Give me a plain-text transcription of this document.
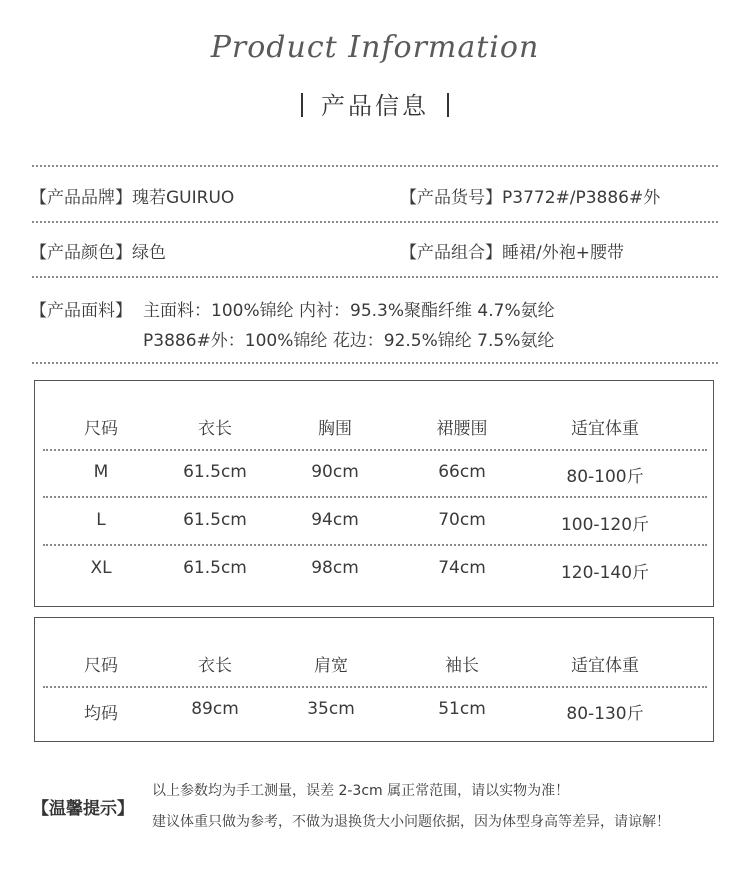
Product Information
产品信息
【产品品牌】瑰若GUIRUO	【产品货号】P3772#/P3886#外
【产品颜色】绿色	【产品组合】睡裙/外袍+腰带
【产品面料】 主面料：100%锦纶 内衬：95.3%聚酯纤维 4.7%氨纶
P3886#外：100%锦纶 花边：92.5%锦纶 7.5%氨纶
尺码	衣长	胸围	裙腰围	适宜体重
M	61.5cm	90cm	66cm	80-100斤
L	61.5cm	94cm	70cm	100-120斤
XL	61.5cm	98cm	74cm	120-140斤
尺码	衣长	肩宽	袖长	适宜体重
均码	89cm	35cm	51cm	80-130斤
【温馨提示】
以上参数均为手工测量，误差 2-3cm 属正常范围，请以实物为准！
建议体重只做为参考，不做为退换货大小问题依据，因为体型身高等差异，请谅解！
